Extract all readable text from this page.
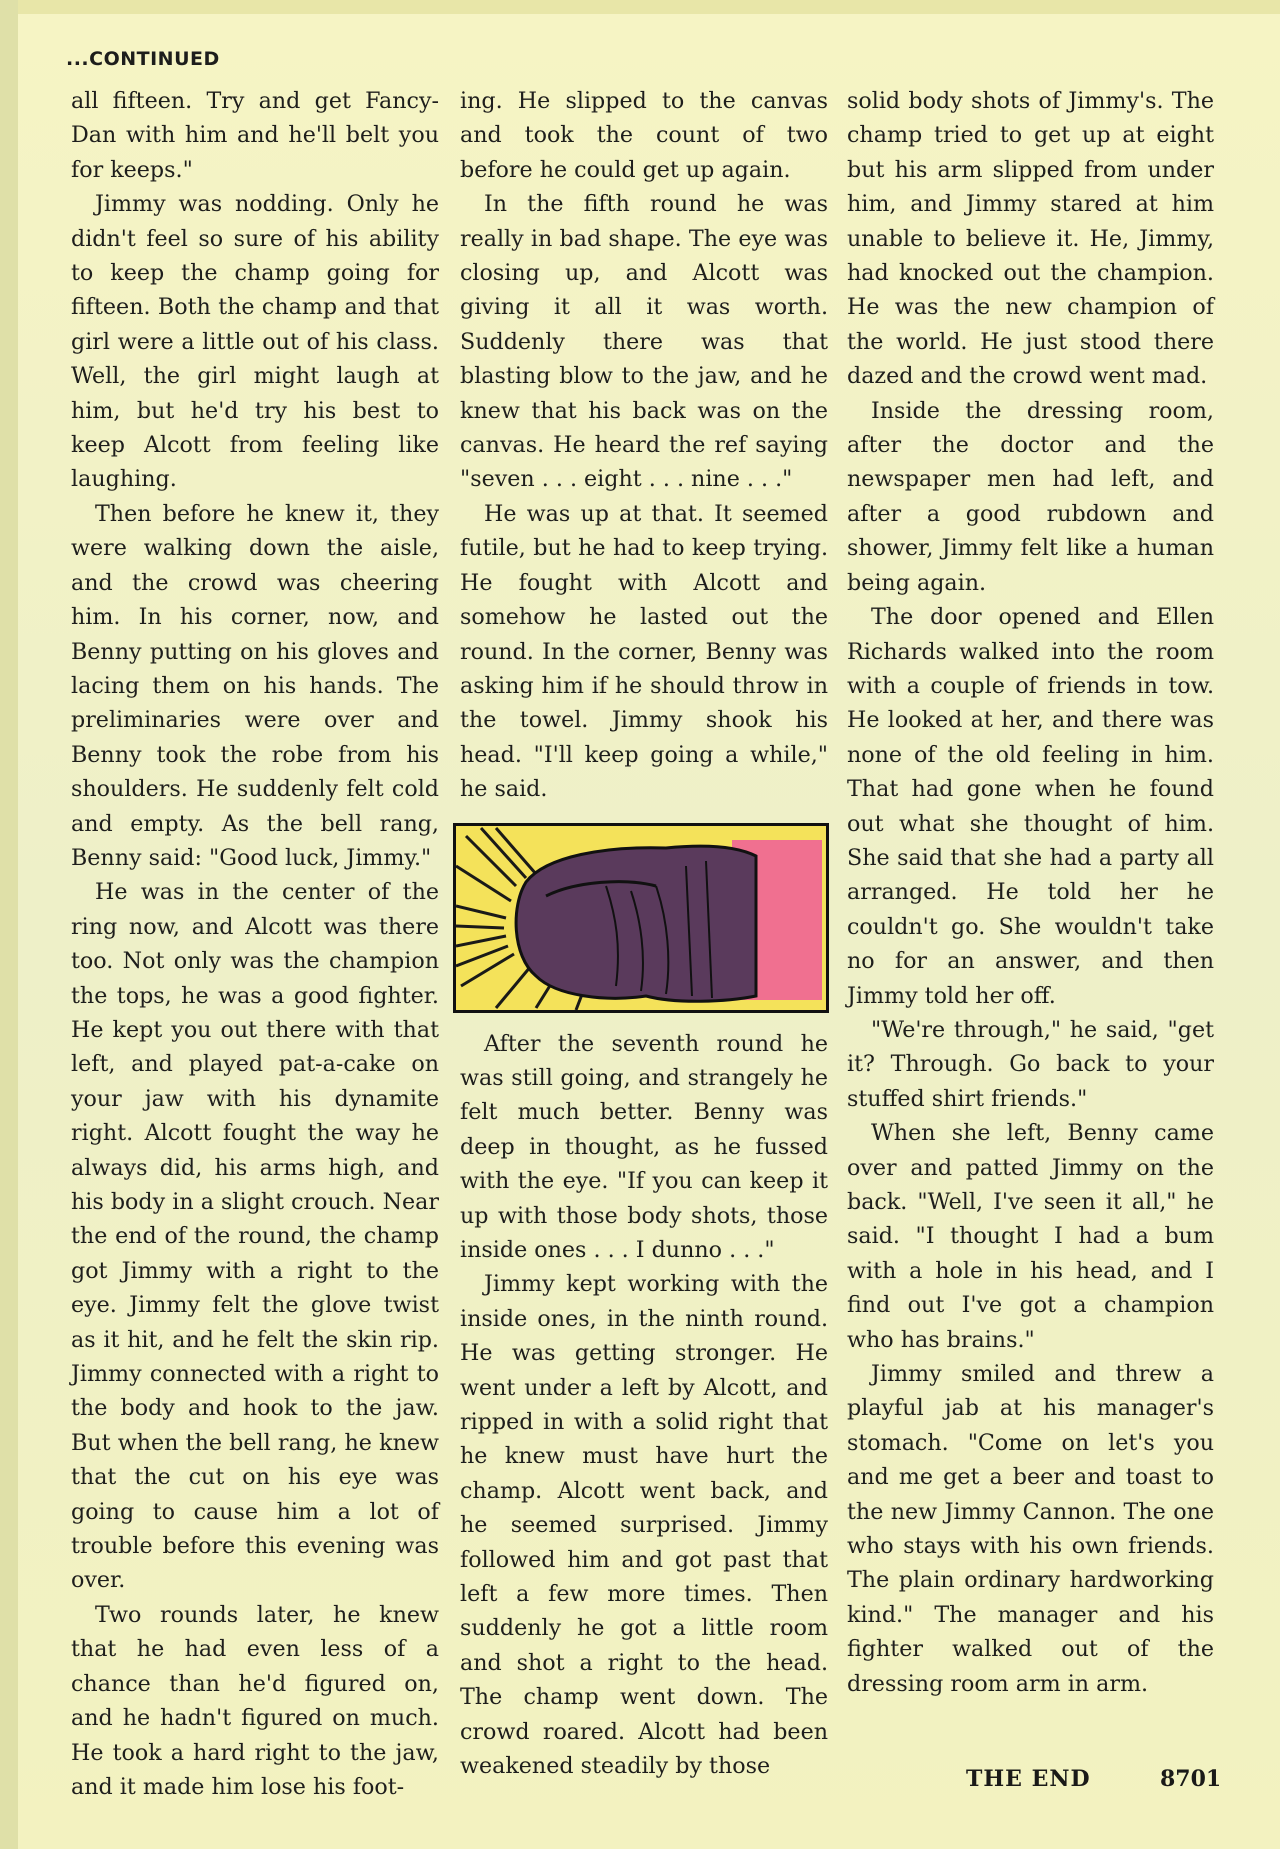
...CONTINUED

all fifteen. Try and get Fancy-Dan with him and he'll belt you for keeps."

Jimmy was nodding. Only he didn't feel so sure of his ability to keep the champ going for fifteen. Both the champ and that girl were a little out of his class. Well, the girl might laugh at him, but he'd try his best to keep Alcott from feeling like laughing.

Then before he knew it, they were walking down the aisle, and the crowd was cheering him. In his corner, now, and Benny putting on his gloves and lacing them on his hands. The preliminaries were over and Benny took the robe from his shoulders. He suddenly felt cold and empty. As the bell rang, Benny said: "Good luck, Jimmy."

He was in the center of the ring now, and Alcott was there too. Not only was the champion the tops, he was a good fighter. He kept you out there with that left, and played pat-a-cake on your jaw with his dynamite right. Alcott fought the way he always did, his arms high, and his body in a slight crouch. Near the end of the round, the champ got Jimmy with a right to the eye. Jimmy felt the glove twist as it hit, and he felt the skin rip. Jimmy connected with a right to the body and hook to the jaw. But when the bell rang, he knew that the cut on his eye was going to cause him a lot of trouble before this evening was over.

Two rounds later, he knew that he had even less of a chance than he'd figured on, and he hadn't figured on much. He took a hard right to the jaw, and it made him lose his foot-

ing. He slipped to the canvas and took the count of two before he could get up again.

In the fifth round he was really in bad shape. The eye was closing up, and Alcott was giving it all it was worth. Suddenly there was that blasting blow to the jaw, and he knew that his back was on the canvas. He heard the ref saying "seven . . . eight . . . nine . . ."

He was up at that. It seemed futile, but he had to keep trying. He fought with Alcott and somehow he lasted out the round. In the corner, Benny was asking him if he should throw in the towel. Jimmy shook his head. "I'll keep going a while," he said.

After the seventh round he was still going, and strangely he felt much better. Benny was deep in thought, as he fussed with the eye. "If you can keep it up with those body shots, those inside ones . . . I dunno . . ."

Jimmy kept working with the inside ones, in the ninth round. He was getting stronger. He went under a left by Alcott, and ripped in with a solid right that he knew must have hurt the champ. Alcott went back, and he seemed surprised. Jimmy followed him and got past that left a few more times. Then suddenly he got a little room and shot a right to the head. The champ went down. The crowd roared. Alcott had been weakened steadily by those

solid body shots of Jimmy's. The champ tried to get up at eight but his arm slipped from under him, and Jimmy stared at him unable to believe it. He, Jimmy, had knocked out the champion. He was the new champion of the world. He just stood there dazed and the crowd went mad.

Inside the dressing room, after the doctor and the newspaper men had left, and after a good rubdown and shower, Jimmy felt like a human being again.

The door opened and Ellen Richards walked into the room with a couple of friends in tow. He looked at her, and there was none of the old feeling in him. That had gone when he found out what she thought of him. She said that she had a party all arranged. He told her he couldn't go. She wouldn't take no for an answer, and then Jimmy told her off.

"We're through," he said, "get it? Through. Go back to your stuffed shirt friends."

When she left, Benny came over and patted Jimmy on the back. "Well, I've seen it all," he said. "I thought I had a bum with a hole in his head, and I find out I've got a champion who has brains."

Jimmy smiled and threw a playful jab at his manager's stomach. "Come on let's you and me get a beer and toast to the new Jimmy Cannon. The one who stays with his own friends. The plain ordinary hardworking kind." The manager and his fighter walked out of the dressing room arm in arm.

THE END	8701
